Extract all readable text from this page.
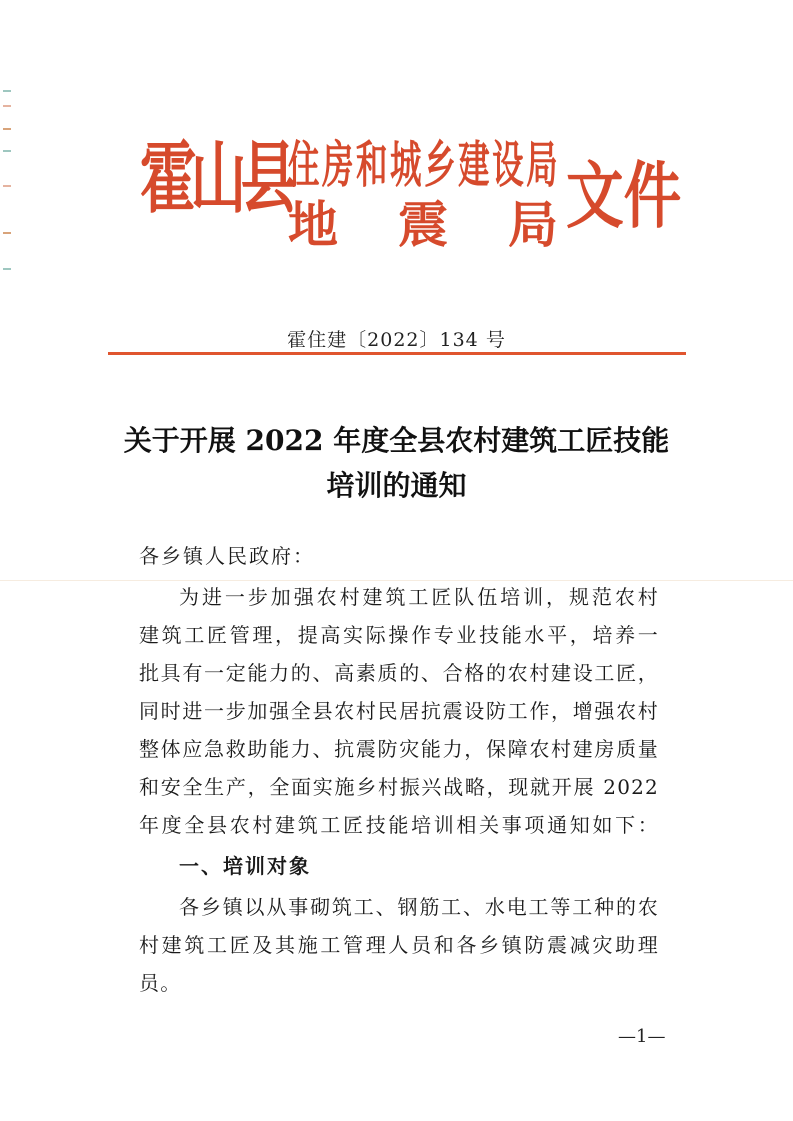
霍山县
住 房 和 城 乡 建 设 局
地 震 局 文件
霍住建〔2022〕134 号
关于开展 2022 年度全县农村建筑工匠技能
培训的通知
各乡镇人民政府：
为进一步加强农村建筑工匠队伍培训，规范农村
建筑工匠管理，提高实际操作专业技能水平，培养一
批具有一定能力的、高素质的、合格的农村建设工匠，
同时进一步加强全县农村民居抗震设防工作，增强农村
整体应急救助能力、抗震防灾能力，保障农村建房质量
和安全生产，全面实施乡村振兴战略，现就开展 2022
年度全县农村建筑工匠技能培训相关事项通知如下：
一、培训对象
各乡镇以从事砌筑工、钢筋工、水电工等工种的农
村建筑工匠及其施工管理人员和各乡镇防震减灾助理
员。
—1—
